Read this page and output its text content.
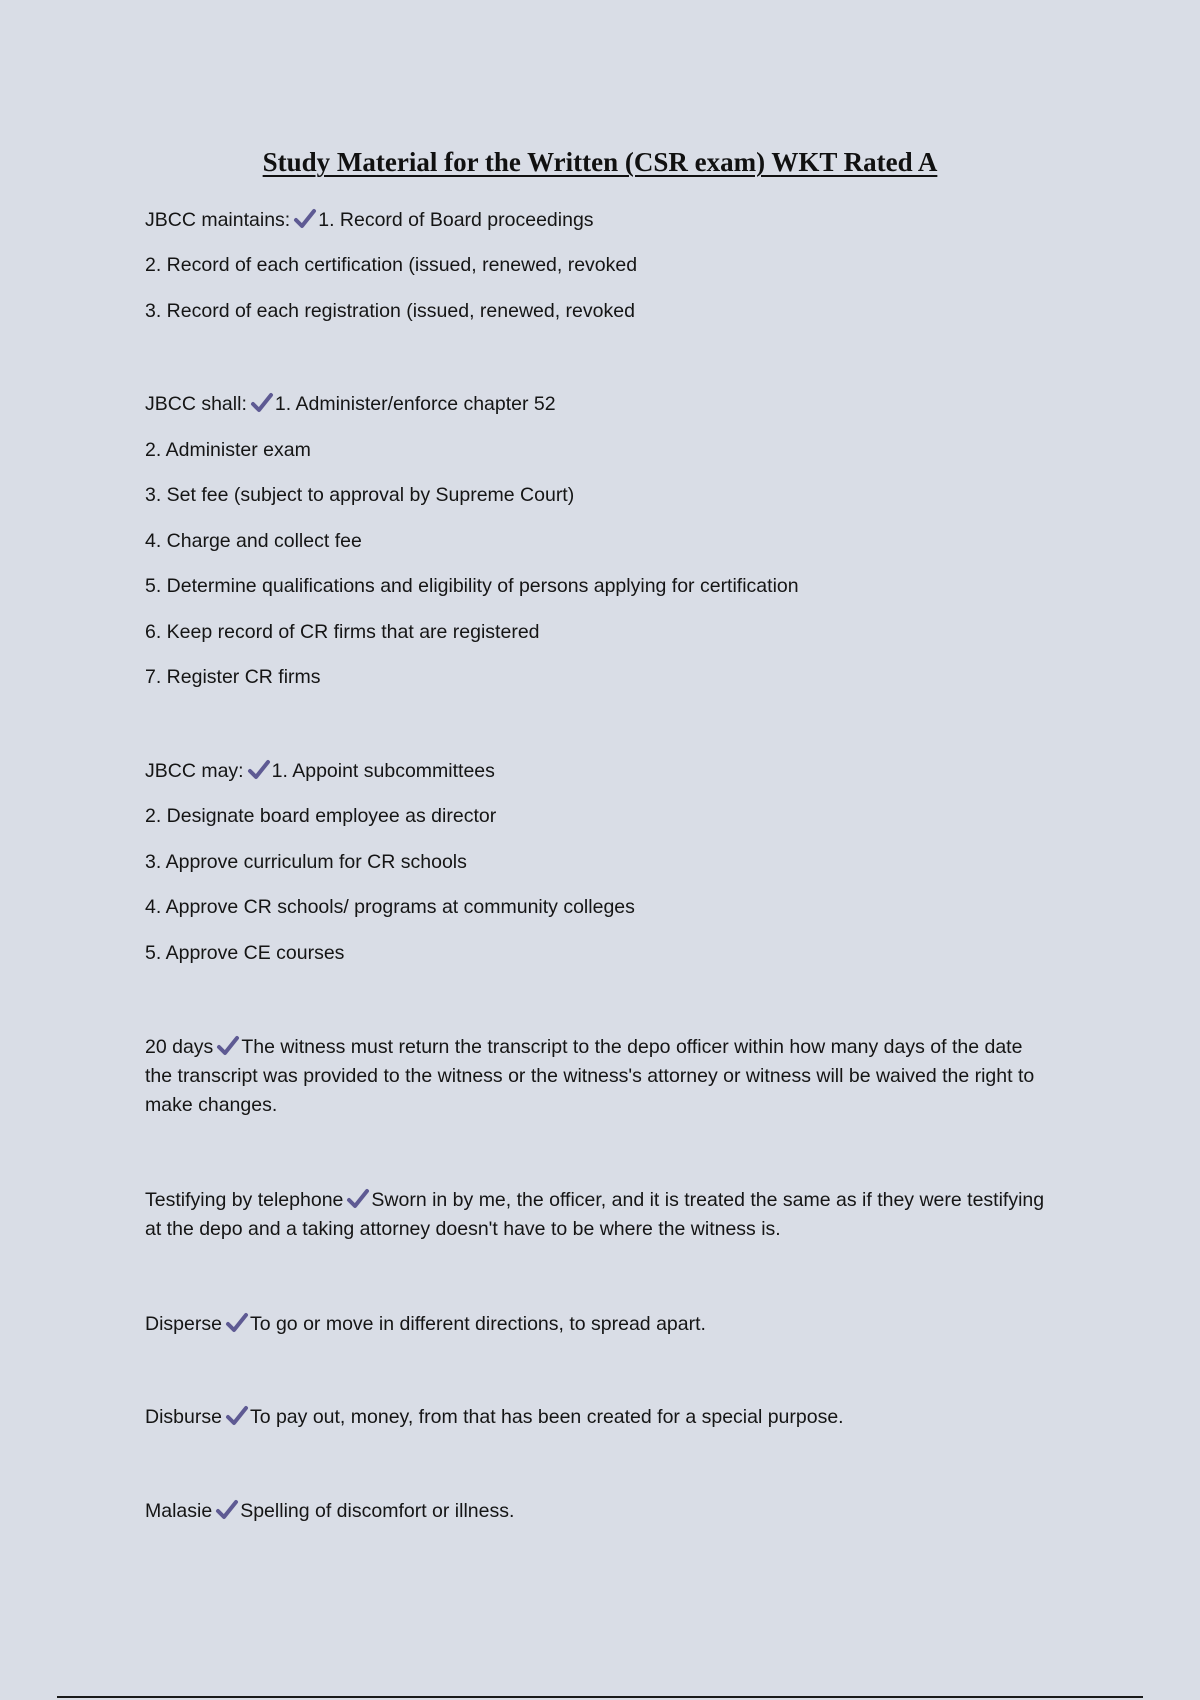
Study Material for the Written (CSR exam) WKT Rated A
JBCC maintains: 1. Record of Board proceedings
2. Record of each certification (issued, renewed, revoked
3. Record of each registration (issued, renewed, revoked
JBCC shall: 1. Administer/enforce chapter 52
2. Administer exam
3. Set fee (subject to approval by Supreme Court)
4. Charge and collect fee
5. Determine qualifications and eligibility of persons applying for certification
6. Keep record of CR firms that are registered
7. Register CR firms
JBCC may: 1. Appoint subcommittees
2. Designate board employee as director
3. Approve curriculum for CR schools
4. Approve CR schools/ programs at community colleges
5. Approve CE courses
20 days The witness must return the transcript to the depo officer within how many days of the date the transcript was provided to the witness or the witness's attorney or witness will be waived the right to make changes.
Testifying by telephone Sworn in by me, the officer, and it is treated the same as if they were testifying at the depo and a taking attorney doesn't have to be where the witness is.
Disperse To go or move in different directions, to spread apart.
Disburse To pay out, money, from that has been created for a special purpose.
Malasie Spelling of discomfort or illness.
